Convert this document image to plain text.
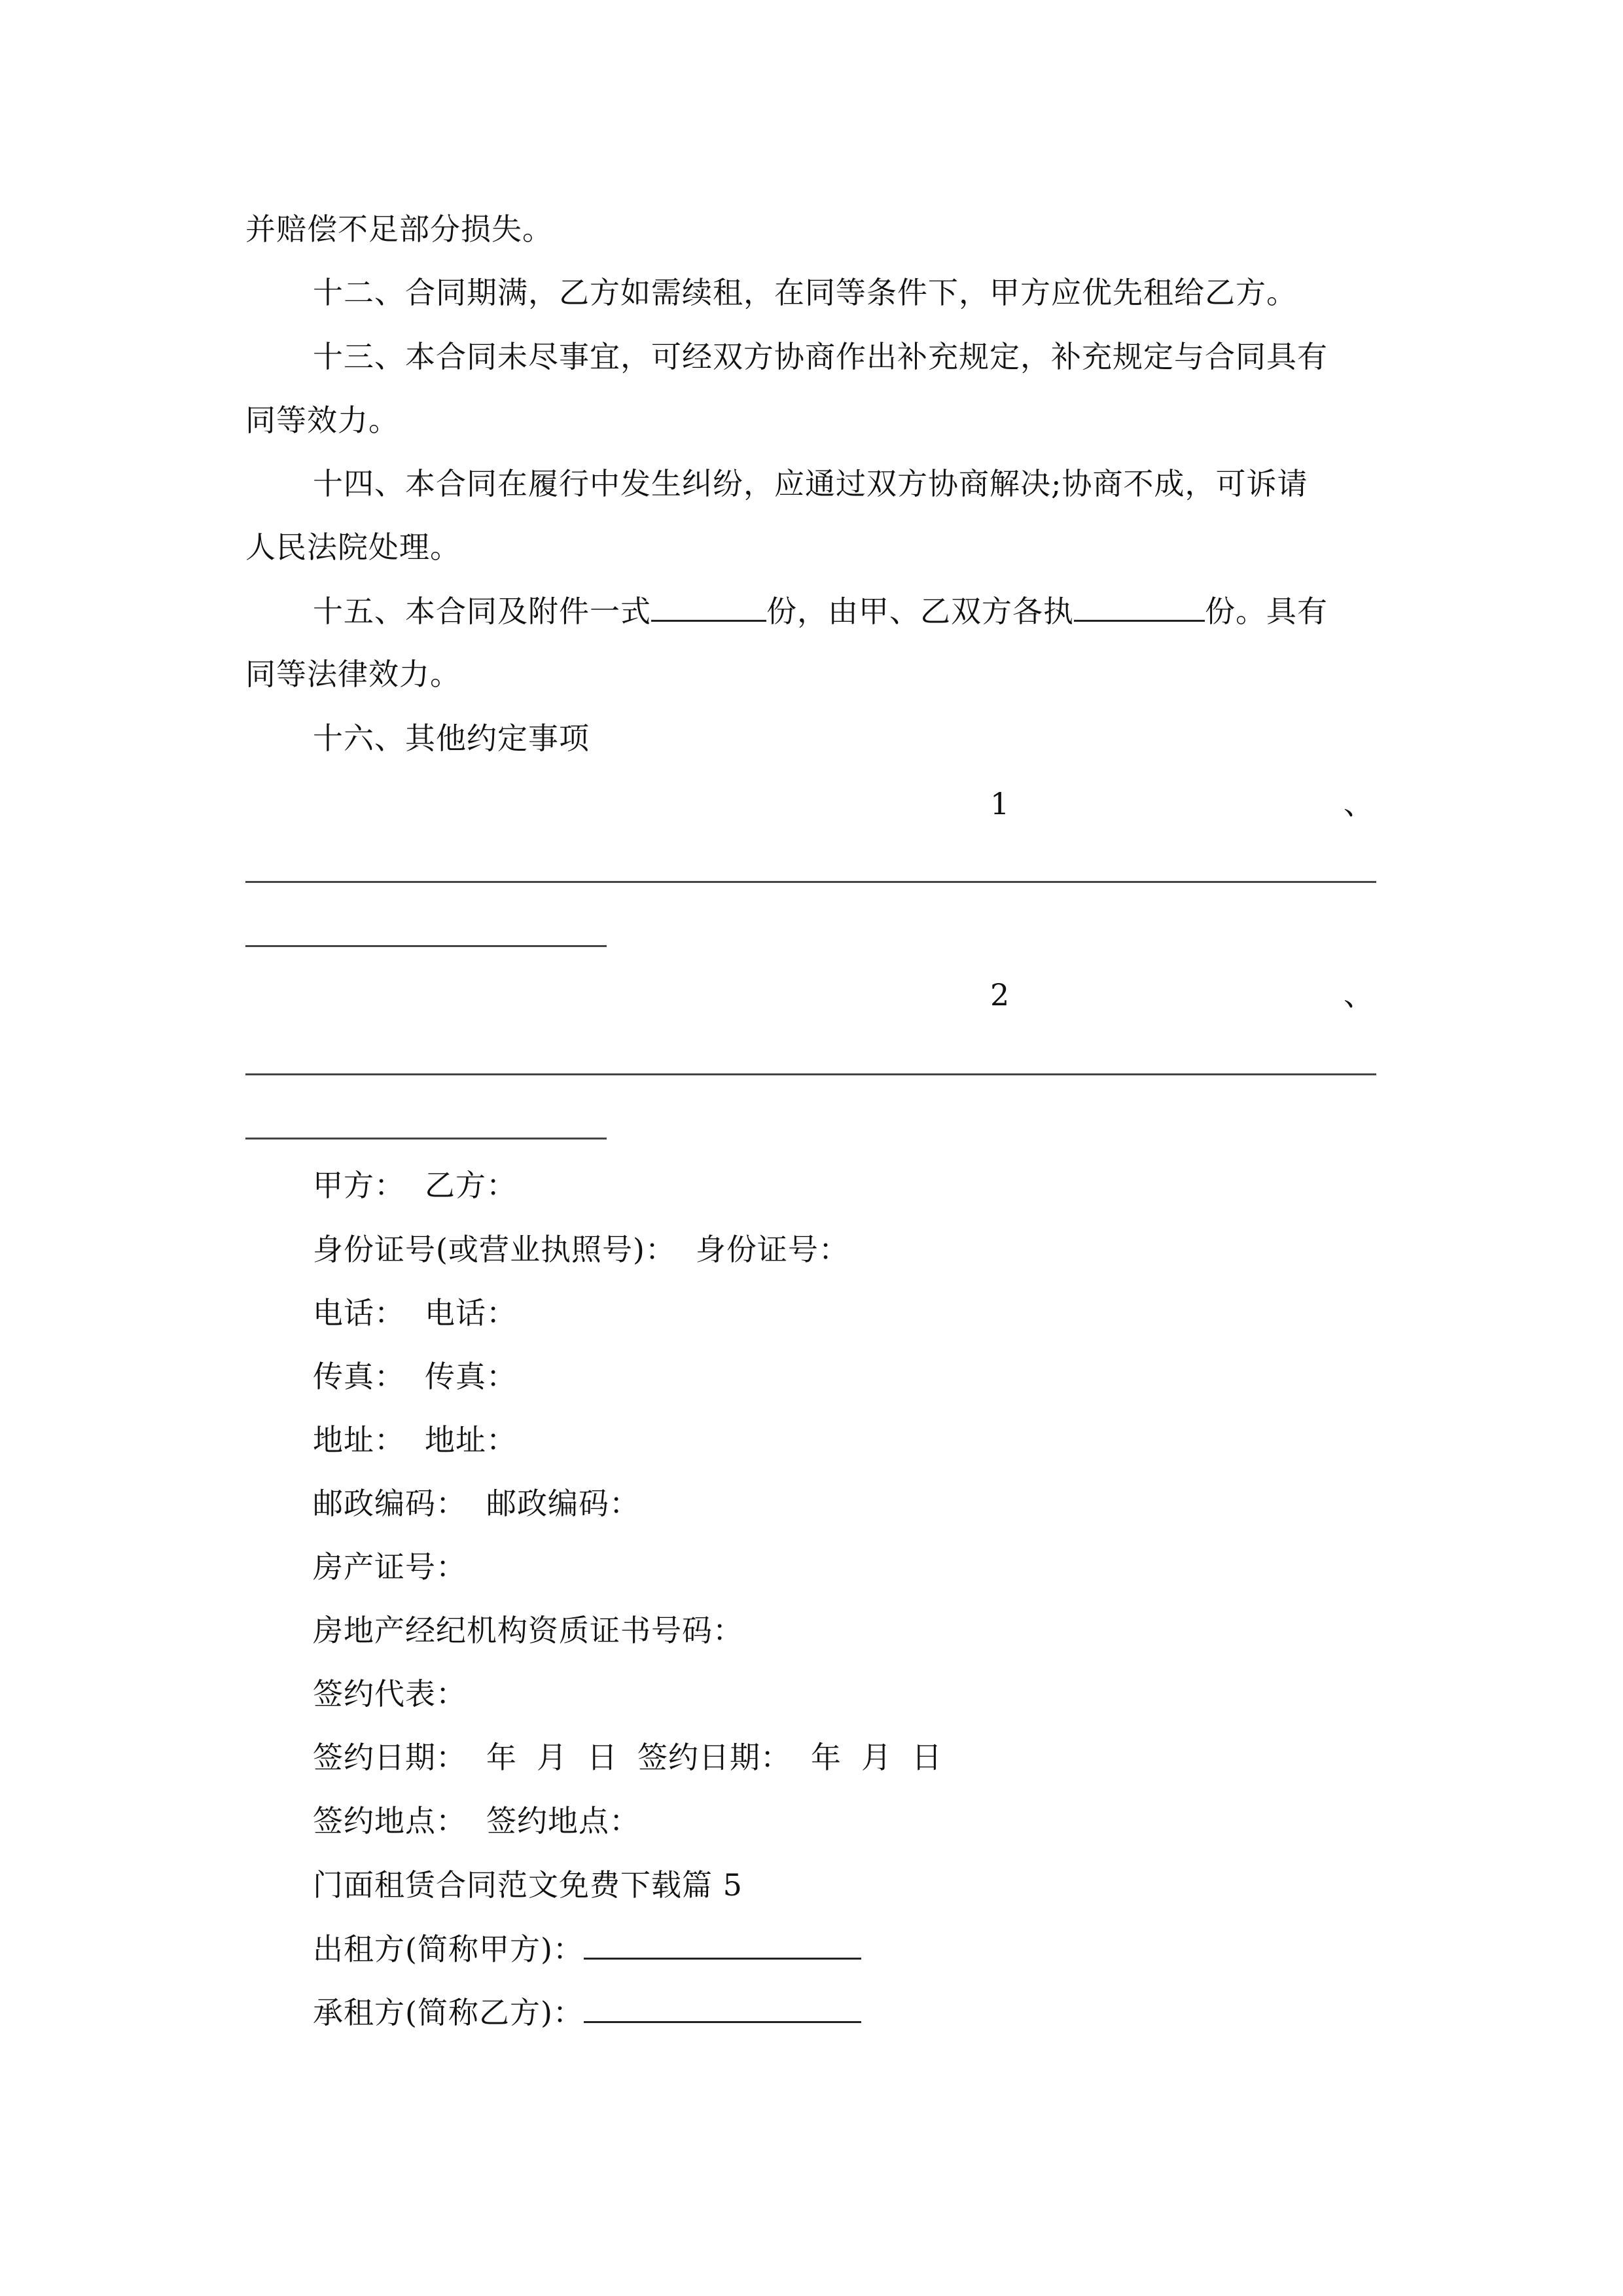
并赔偿不足部分损失。
十二、合同期满，乙方如需续租，在同等条件下，甲方应优先租给乙方。
十三、本合同未尽事宜，可经双方协商作出补充规定，补充规定与合同具有
同等效力。
十四、本合同在履行中发生纠纷，应通过双方协商解决;协商不成，可诉请
人民法院处理。
十五、本合同及附件一式	份，由甲、乙双方各执	份。具有
同等法律效力。
十六、其他约定事项
1	、
2	、
甲方： 乙方：
身份证号(或营业执照号)： 身份证号：
电话： 电话：
传真： 传真：
地址： 地址：
邮政编码： 邮政编码：
房产证号：
房地产经纪机构资质证书号码：
签约代表：
签约日期： 年 月 日 签约日期： 年 月 日
签约地点： 签约地点：
门面租赁合同范文免费下载篇 5
出租方(简称甲方)：
承租方(简称乙方)：
